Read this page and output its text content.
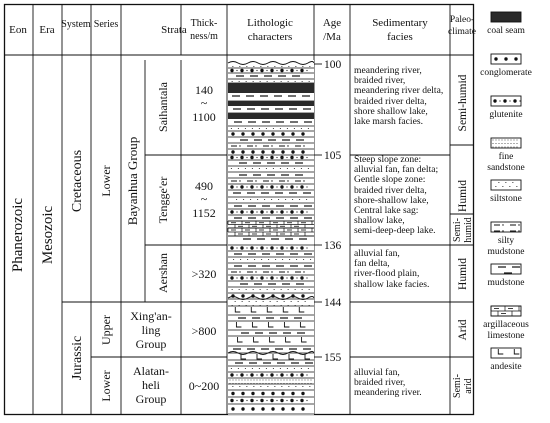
Eon Era System Series	Strata
Thick-
ness/m
Lithologic
characters
Age
/Ma
Sedimentary
facies
Paleo-
climate
Phanerozoic Mesozoic
Cretaceous
Jurassic
Lower
Upper
Lower
Bayanhua Group
Saihantala
Tengge'er
Aershan
Xing'an-
ling
Group
Alatan-
heli
Group
140
~
1100
490
~
1152
>320
>800
0~200
100
105
136
144
155
Semi-humid
Humid
Semi- humid
Humid
Arid
Semi- arid
coal seam
conglomerate
glutenite
fine
sandstone
siltstone
silty
mudstone
mudstone
argillaceous
limestone
andesite
meandering river,
braided river,
meandering river delta,
braided river delta,
shore shallow lake,
lake marsh facies.
Steep slope zone:
alluvial fan, fan delta;
Gentle slope zone:
braided river delta,
shore-shallow lake,
Central lake sag:
shallow lake,
semi-deep-deep lake.
alluvial fan,
fan delta,
river-flood plain,
shallow lake facies.
alluvial fan,
braided river,
meandering river.
